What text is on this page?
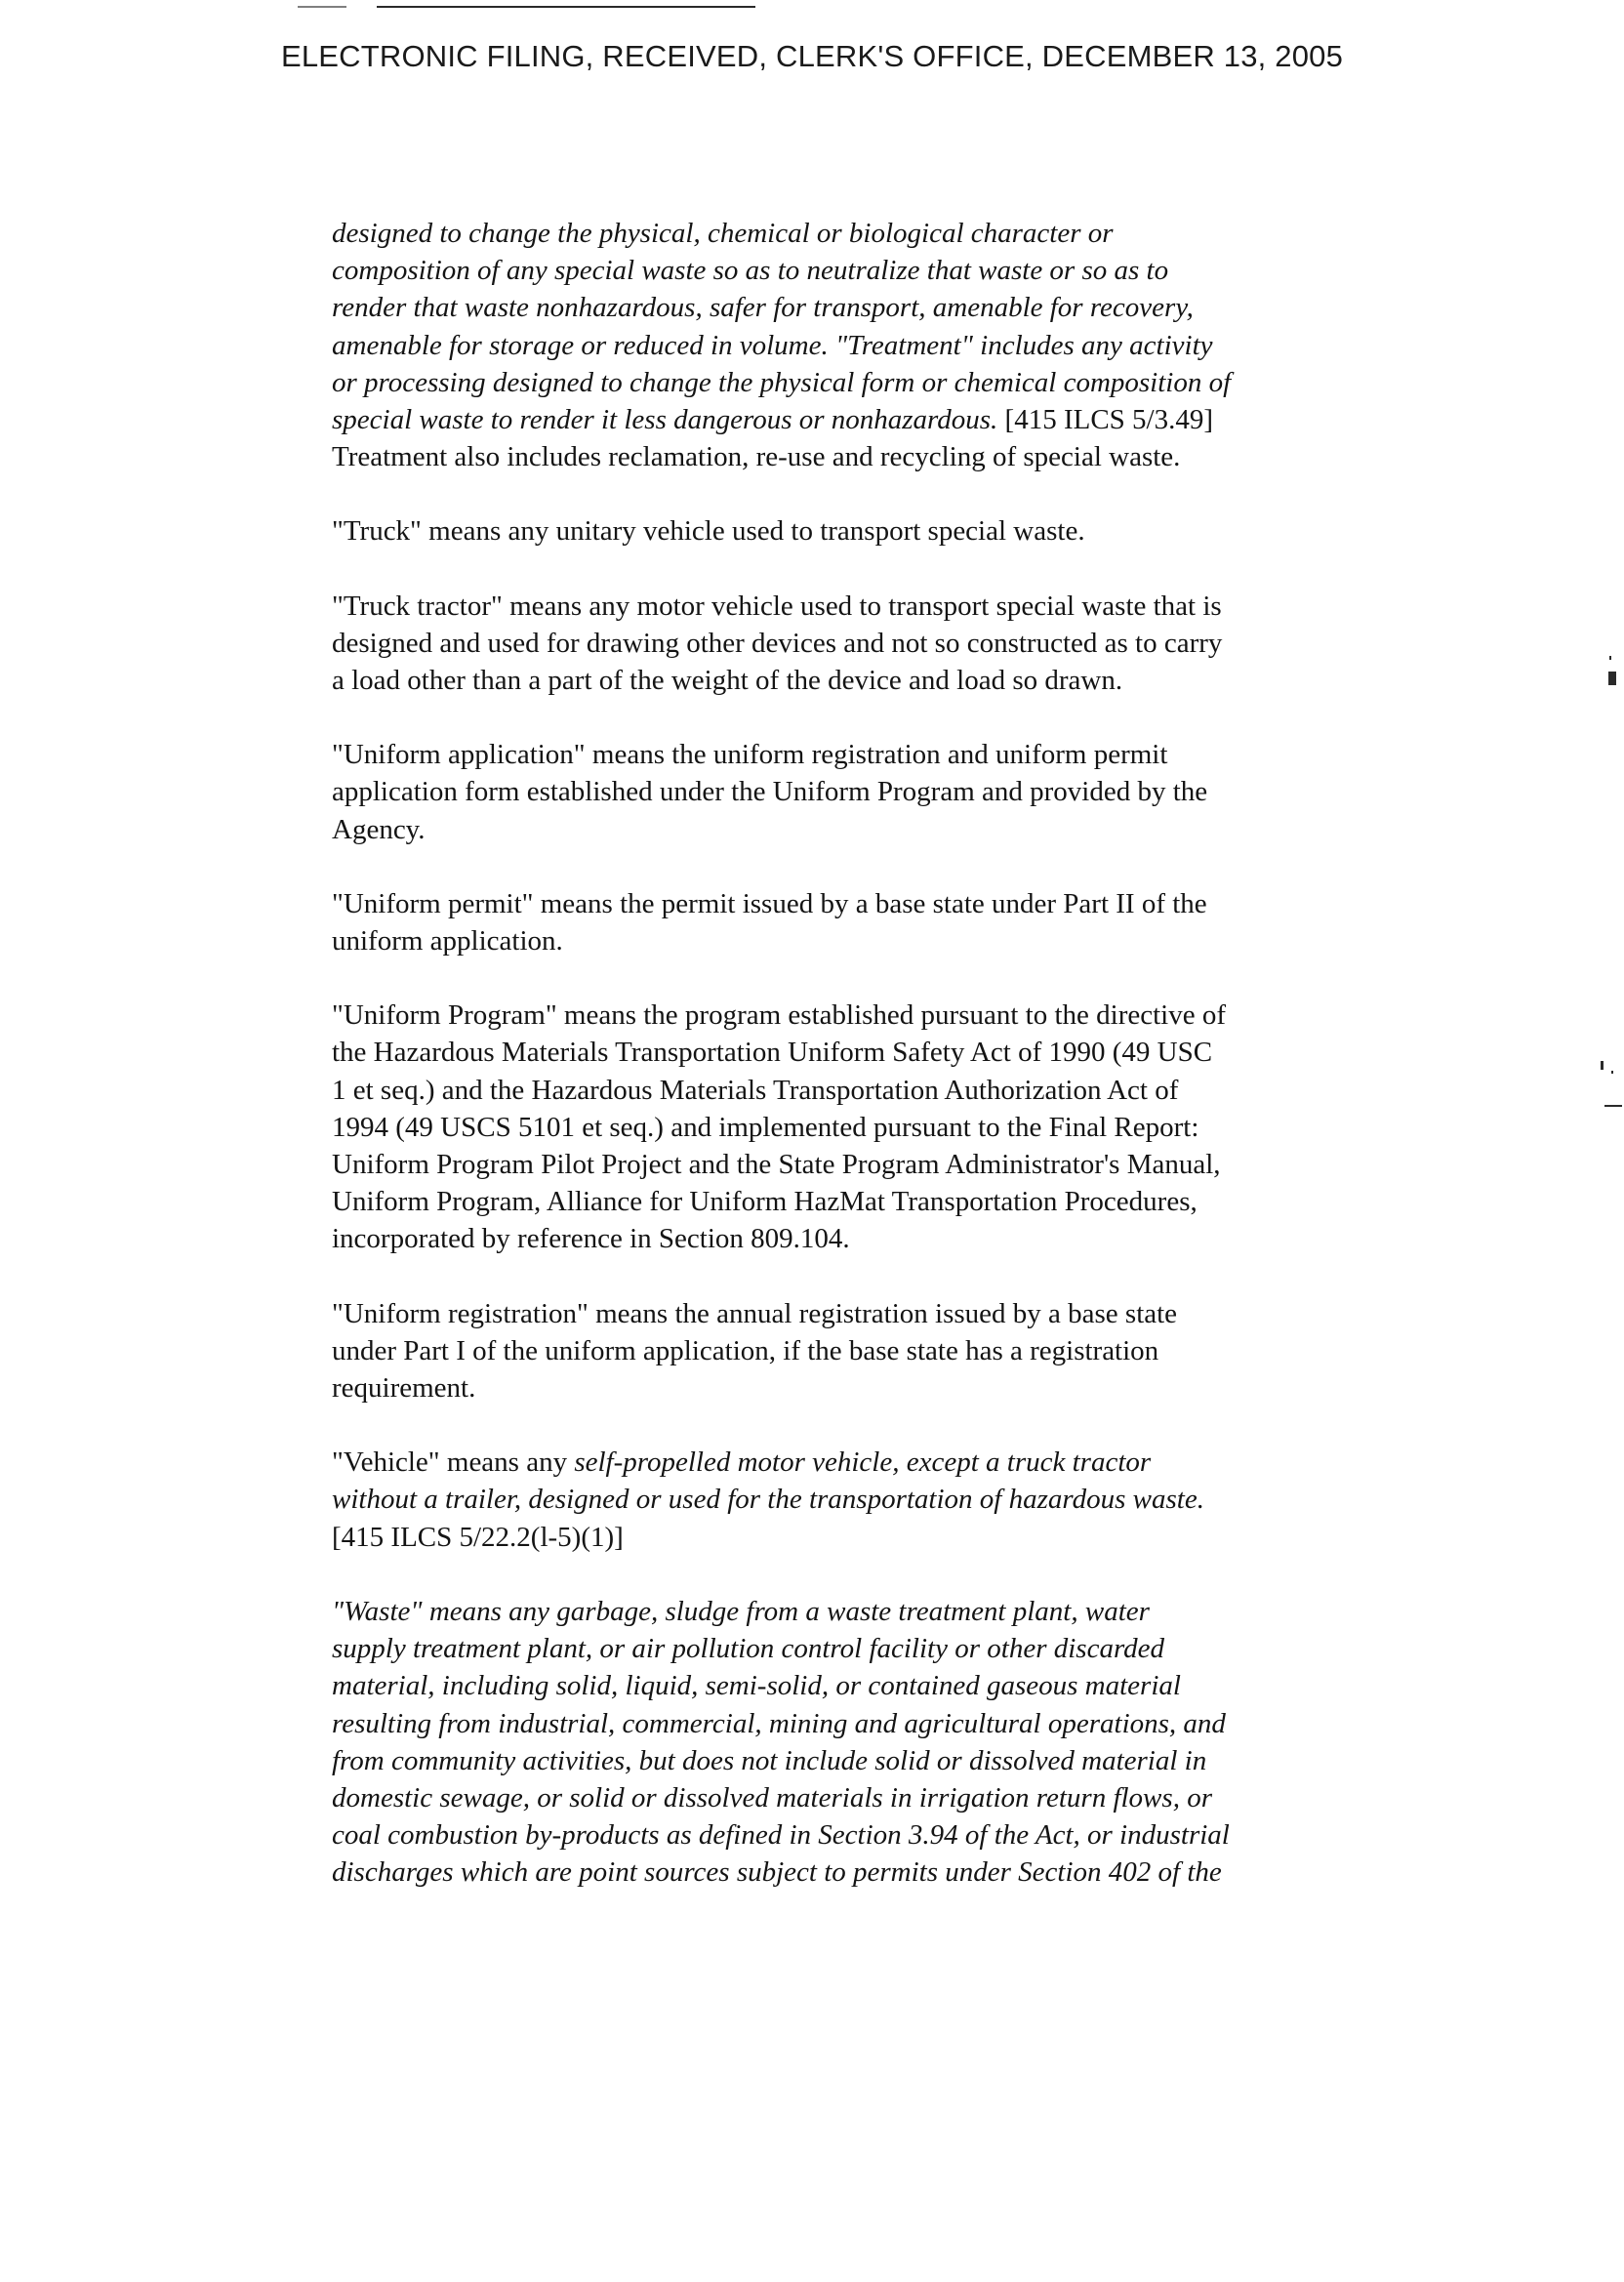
ELECTRONIC FILING, RECEIVED, CLERK'S OFFICE, DECEMBER 13, 2005
designed to change the physical, chemical or biological character or
composition of any special waste so as to neutralize that waste or so as to
render that waste nonhazardous, safer for transport, amenable for recovery,
amenable for storage or reduced in volume. "Treatment" includes any activity
or processing designed to change the physical form or chemical composition of
special waste to render it less dangerous or nonhazardous. [415 ILCS 5/3.49]
Treatment also includes reclamation, re-use and recycling of special waste.
"Truck" means any unitary vehicle used to transport special waste.
"Truck tractor" means any motor vehicle used to transport special waste that is
designed and used for drawing other devices and not so constructed as to carry
a load other than a part of the weight of the device and load so drawn.
"Uniform application" means the uniform registration and uniform permit
application form established under the Uniform Program and provided by the
Agency.
"Uniform permit" means the permit issued by a base state under Part II of the
uniform application.
"Uniform Program" means the program established pursuant to the directive of
the Hazardous Materials Transportation Uniform Safety Act of 1990 (49 USC
1 et seq.) and the Hazardous Materials Transportation Authorization Act of
1994 (49 USCS 5101 et seq.) and implemented pursuant to the Final Report:
Uniform Program Pilot Project and the State Program Administrator's Manual,
Uniform Program, Alliance for Uniform HazMat Transportation Procedures,
incorporated by reference in Section 809.104.
"Uniform registration" means the annual registration issued by a base state
under Part I of the uniform application, if the base state has a registration
requirement.
"Vehicle" means any self-propelled motor vehicle, except a truck tractor
without a trailer, designed or used for the transportation of hazardous waste.
[415 ILCS 5/22.2(l-5)(1)]
"Waste" means any garbage, sludge from a waste treatment plant, water
supply treatment plant, or air pollution control facility or other discarded
material, including solid, liquid, semi-solid, or contained gaseous material
resulting from industrial, commercial, mining and agricultural operations, and
from community activities, but does not include solid or dissolved material in
domestic sewage, or solid or dissolved materials in irrigation return flows, or
coal combustion by-products as defined in Section 3.94 of the Act, or industrial
discharges which are point sources subject to permits under Section 402 of the
